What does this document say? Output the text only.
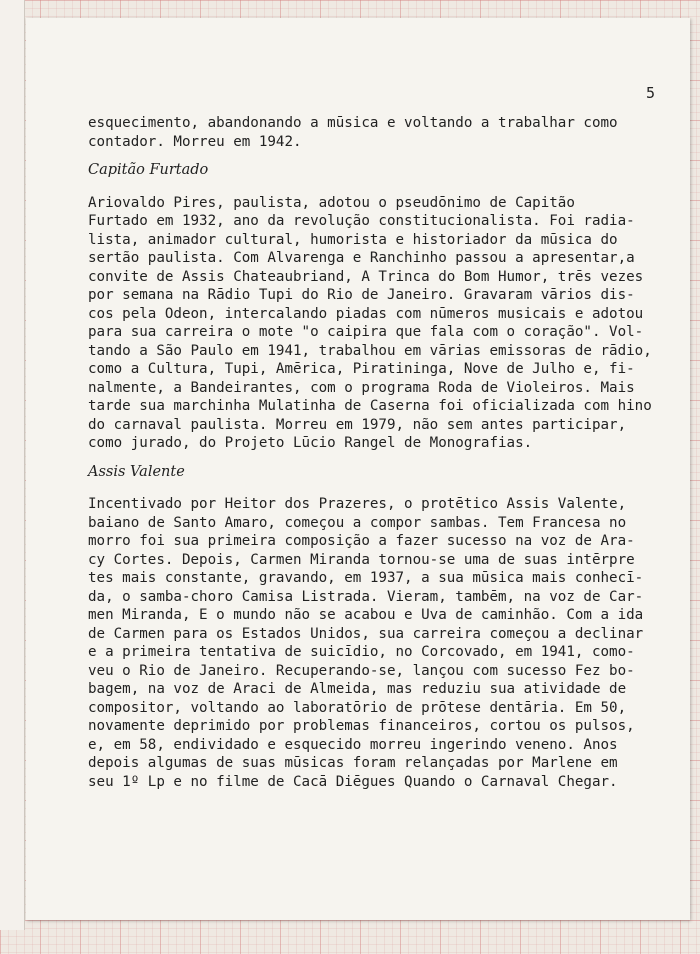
5

esquecimento, abandonando a mūsica e voltando a trabalhar como
contador. Morreu em 1942.

Capitão Furtado

Ariovaldo Pires, paulista, adotou o pseudōnimo de Capitão
Furtado em 1932, ano da revolução constitucionalista. Foi radia-
lista, animador cultural, humorista e historiador da mūsica do
sertão paulista. Com Alvarenga e Ranchinho passou a apresentar,a
convite de Assis Chateaubriand, A Trinca do Bom Humor, trēs vezes
por semana na Rādio Tupi do Rio de Janeiro. Gravaram vārios dis-
cos pela Odeon, intercalando piadas com nūmeros musicais e adotou
para sua carreira o mote "o caipira que fala com o coração". Vol-
tando a São Paulo em 1941, trabalhou em vārias emissoras de rādio,
como a Cultura, Tupi, Amērica, Piratininga, Nove de Julho e, fi-
nalmente, a Bandeirantes, com o programa Roda de Violeiros. Mais
tarde sua marchinha Mulatinha de Caserna foi oficializada com hino
do carnaval paulista. Morreu em 1979, não sem antes participar,
como jurado, do Projeto Lūcio Rangel de Monografias.

Assis Valente

Incentivado por Heitor dos Prazeres, o protētico Assis Valente,
baiano de Santo Amaro, começou a compor sambas. Tem Francesa no
morro foi sua primeira composição a fazer sucesso na voz de Ara-
cy Cortes. Depois, Carmen Miranda tornou-se uma de suas intērpre
tes mais constante, gravando, em 1937, a sua mūsica mais conhecī-
da, o samba-choro Camisa Listrada. Vieram, tambēm, na voz de Car-
men Miranda, E o mundo não se acabou e Uva de caminhão. Com a ida
de Carmen para os Estados Unidos, sua carreira começou a declinar
e a primeira tentativa de suicīdio, no Corcovado, em 1941, como-
veu o Rio de Janeiro. Recuperando-se, lançou com sucesso Fez bo-
bagem, na voz de Araci de Almeida, mas reduziu sua atividade de
compositor, voltando ao laboratōrio de prōtese dentāria. Em 50,
novamente deprimido por problemas financeiros, cortou os pulsos,
e, em 58, endividado e esquecido morreu ingerindo veneno. Anos
depois algumas de suas mūsicas foram relançadas por Marlene em
seu 1º Lp e no filme de Cacā Diēgues Quando o Carnaval Chegar.
